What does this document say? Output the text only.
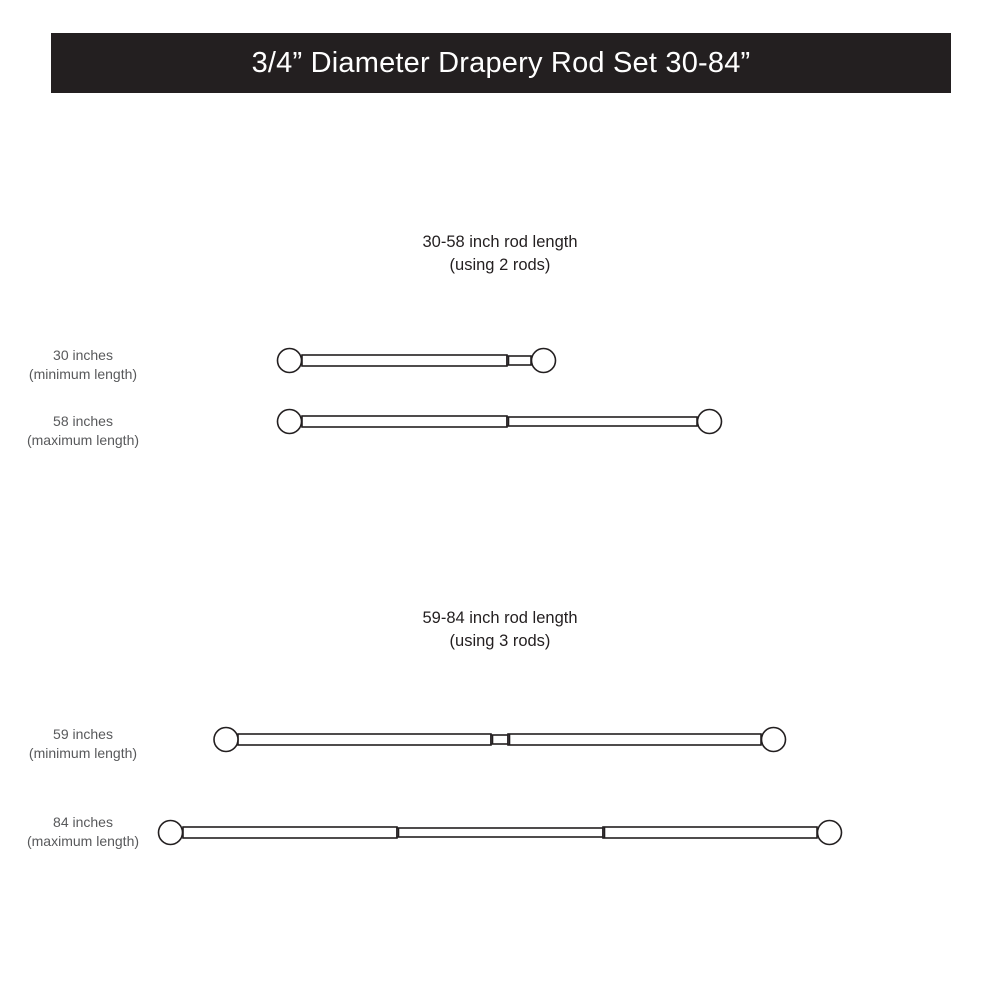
3/4” Diameter Drapery Rod Set 30-84”
30-58 inch rod length
(using 2 rods)
30 inches
(minimum length)
58 inches
(maximum length)
59-84 inch rod length
(using 3 rods)
59 inches
(minimum length)
84 inches
(maximum length)
